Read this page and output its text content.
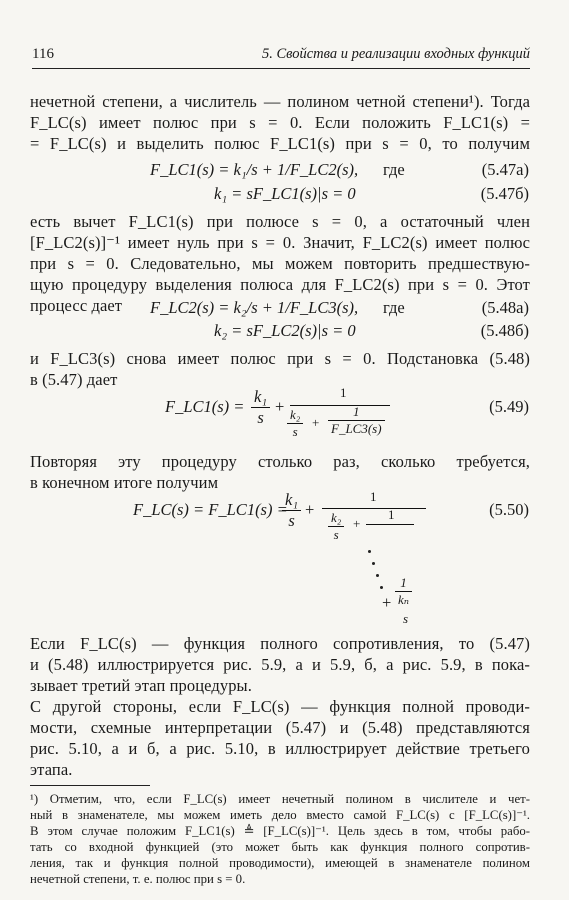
116	5. Свойства и реализации входных функций
нечетной степени, а числитель — полином четной степени¹). Тогда
F_LC(s) имеет полюс при s = 0. Если положить F_LC1(s) =
= F_LC(s) и выделить полюс F_LC1(s) при s = 0, то получим
F_LC1(s) = k₁/s + 1/F_LC2(s), где	(5.47а)
k₁ = sF_LC1(s)|s = 0	(5.47б)
есть вычет F_LC1(s) при полюсе s = 0, а остаточный член
[F_LC2(s)]⁻¹ имеет нуль при s = 0. Значит, F_LC2(s) имеет полюс
при s = 0. Следовательно, мы можем повторить предшествую-
щую процедуру выделения полюса для F_LC2(s) при s = 0. Этот
процесс дает	F_LC2(s) = k₂/s + 1/F_LC3(s), где	(5.48а)
k₂ = sF_LC2(s)|s = 0	(5.48б)
и F_LC3(s) снова имеет полюс при s = 0. Подстановка (5.48)
в (5.47) дает
F_LC1(s) = $\frac{\text{k₁}}{s}$ +
1
$\frac{\text{k₂}}{s} + \frac{1}{F\_LC3(s)}$	(5.49)
Повторяя эту процедуру столько раз, сколько требуется,
в конечном итоге получим
F_LC(s) = F_LC1(s) =
$\frac{\text{k₁}}{s}$ +
1
$\frac{\text{k₂}}{s}$ +
1	(5.50)
+ $\frac{1}{\text{kₙ}}$
s
Если F_LC(s) — функция полного сопротивления, то (5.47)
и (5.48) иллюстрируется рис. 5.9, а и 5.9, б, а рис. 5.9, в пока-
зывает третий этап процедуры.
С другой стороны, если F_LC(s) — функция полной проводи-
мости, схемные интерпретации (5.47) и (5.48) представляются
рис. 5.10, а и б, а рис. 5.10, в иллюстрирует действие третьего
этапа.
¹) Отметим, что, если F_LC(s) имеет нечетный полином в числителе и чет-
ный в знаменателе, мы можем иметь дело вместо самой F_LC(s) с [F_LC(s)]⁻¹.
В этом случае положим F_LC1(s) ≜ [F_LC(s)]⁻¹. Цель здесь в том, чтобы рабо-
тать со входной функцией (это может быть как функция полного сопротив-
ления, так и функция полной проводимости), имеющей в знаменателе полином
нечетной степени, т. е. полюс при s = 0.
